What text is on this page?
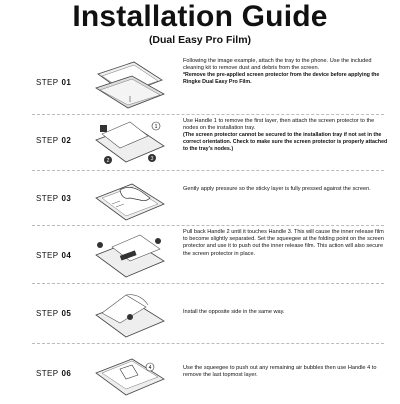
Installation Guide
(Dual Easy Pro Film)
STEP 01
Following the image example, attach the tray to the phone. Use the included cleaning kit to remove dust and debris from the screen.
*Remove the pre-applied screen protector from the device before applying the Ringke Dual Easy Pro Film.
STEP 02
1
2	3
Use Handle 1 to remove the first layer, then attach the screen protector to the nodes on the installation tray.
(The screen protector cannot be secured to the installation tray if not set in the correct orientation. Check to make sure the screen protector is properly attached to the tray's nodes.)
STEP 03
Gently apply pressure so the sticky layer is fully pressed against the screen.
STEP 04
Pull back Handle 2 until it touches Handle 3. This will cause the inner release film to become slightly separated. Set the squeegee at the folding point on the screen protector and use it to push out the inner release film. This action will also secure the screen protector in place.
STEP 05	Install the opposite side in the same way.
STEP 06
4	Use the squeegee to push out any remaining air bubbles then use Handle 4 to remove the last topmost layer.
